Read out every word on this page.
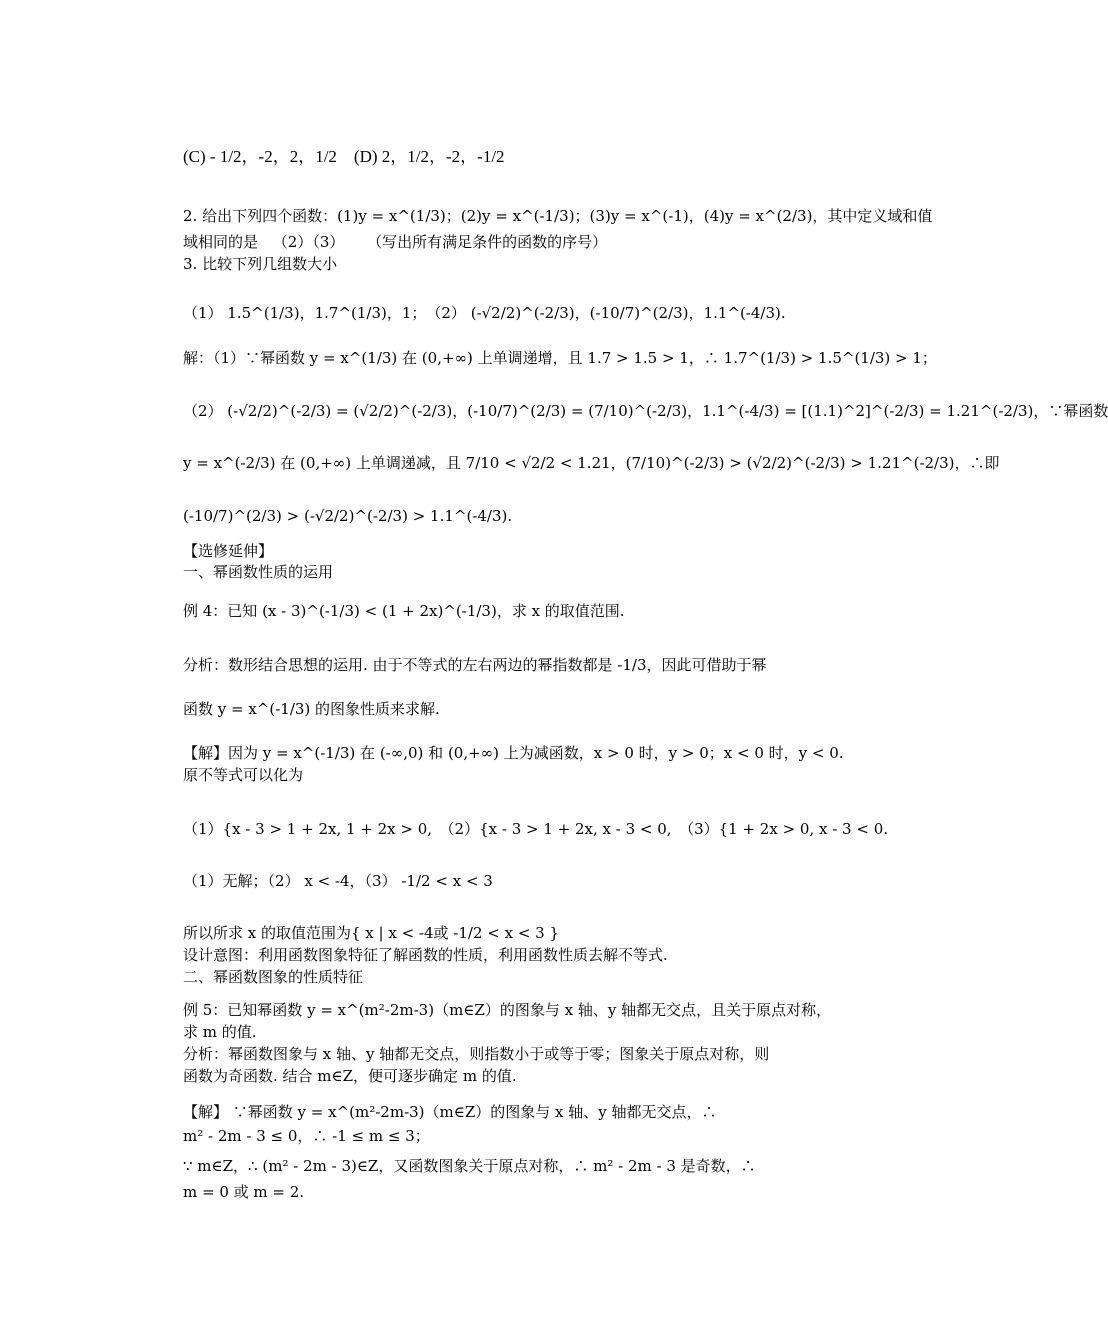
(C) - 1/2，-2，2，1/2　(D) 2，1/2，-2，-1/2
2. 给出下列四个函数：(1)y = x^(1/3)；(2)y = x^(-1/3)；(3)y = x^(-1)，(4)y = x^(2/3)，其中定义域和值
域相同的是 （2）（3） （写出所有满足条件的函数的序号）
3. 比较下列几组数大小
（1） 1.5^(1/3)，1.7^(1/3)，1；　（2） (-√2/2)^(-2/3)，(-10/7)^(2/3)，1.1^(-4/3).
解：（1）∵幂函数 y = x^(1/3) 在 (0,+∞) 上单调递增，且 1.7 > 1.5 > 1，∴ 1.7^(1/3) > 1.5^(1/3) > 1；
（2） (-√2/2)^(-2/3) = (√2/2)^(-2/3)，(-10/7)^(2/3) = (7/10)^(-2/3)，1.1^(-4/3) = [(1.1)^2]^(-2/3) = 1.21^(-2/3)，∵幂函数
y = x^(-2/3) 在 (0,+∞) 上单调递减，且 7/10 < √2/2 < 1.21，(7/10)^(-2/3) > (√2/2)^(-2/3) > 1.21^(-2/3)，∴即
(-10/7)^(2/3) > (-√2/2)^(-2/3) > 1.1^(-4/3).
【选修延伸】
一、幂函数性质的运用
例 4：已知 (x - 3)^(-1/3) < (1 + 2x)^(-1/3)，求 x 的取值范围.
分析：数形结合思想的运用. 由于不等式的左右两边的幂指数都是 -1/3，因此可借助于幂
函数 y = x^(-1/3) 的图象性质来求解.
【解】因为 y = x^(-1/3) 在 (-∞,0) 和 (0,+∞) 上为减函数，x > 0 时，y > 0；x < 0 时，y < 0.
原不等式可以化为
（1）{x - 3 > 1 + 2x, 1 + 2x > 0,　（2）{x - 3 > 1 + 2x, x - 3 < 0,　（3）{1 + 2x > 0, x - 3 < 0.
（1）无解；（2） x < -4，（3） -1/2 < x < 3
所以所求 x 的取值范围为{ x | x < -4或 -1/2 < x < 3 }
设计意图：利用函数图象特征了解函数的性质，利用函数性质去解不等式.
二、幂函数图象的性质特征
例 5：已知幂函数 y = x^(m²-2m-3)（m∈Z）的图象与 x 轴、y 轴都无交点，且关于原点对称，
求 m 的值.
分析：幂函数图象与 x 轴、y 轴都无交点，则指数小于或等于零；图象关于原点对称，则
函数为奇函数. 结合 m∈Z，便可逐步确定 m 的值.
【解】 ∵幂函数 y = x^(m²-2m-3)（m∈Z）的图象与 x 轴、y 轴都无交点，∴
m² - 2m - 3 ≤ 0，∴ -1 ≤ m ≤ 3；
∵ m∈Z，∴ (m² - 2m - 3)∈Z，又函数图象关于原点对称，∴ m² - 2m - 3 是奇数，∴
m = 0 或 m = 2.
